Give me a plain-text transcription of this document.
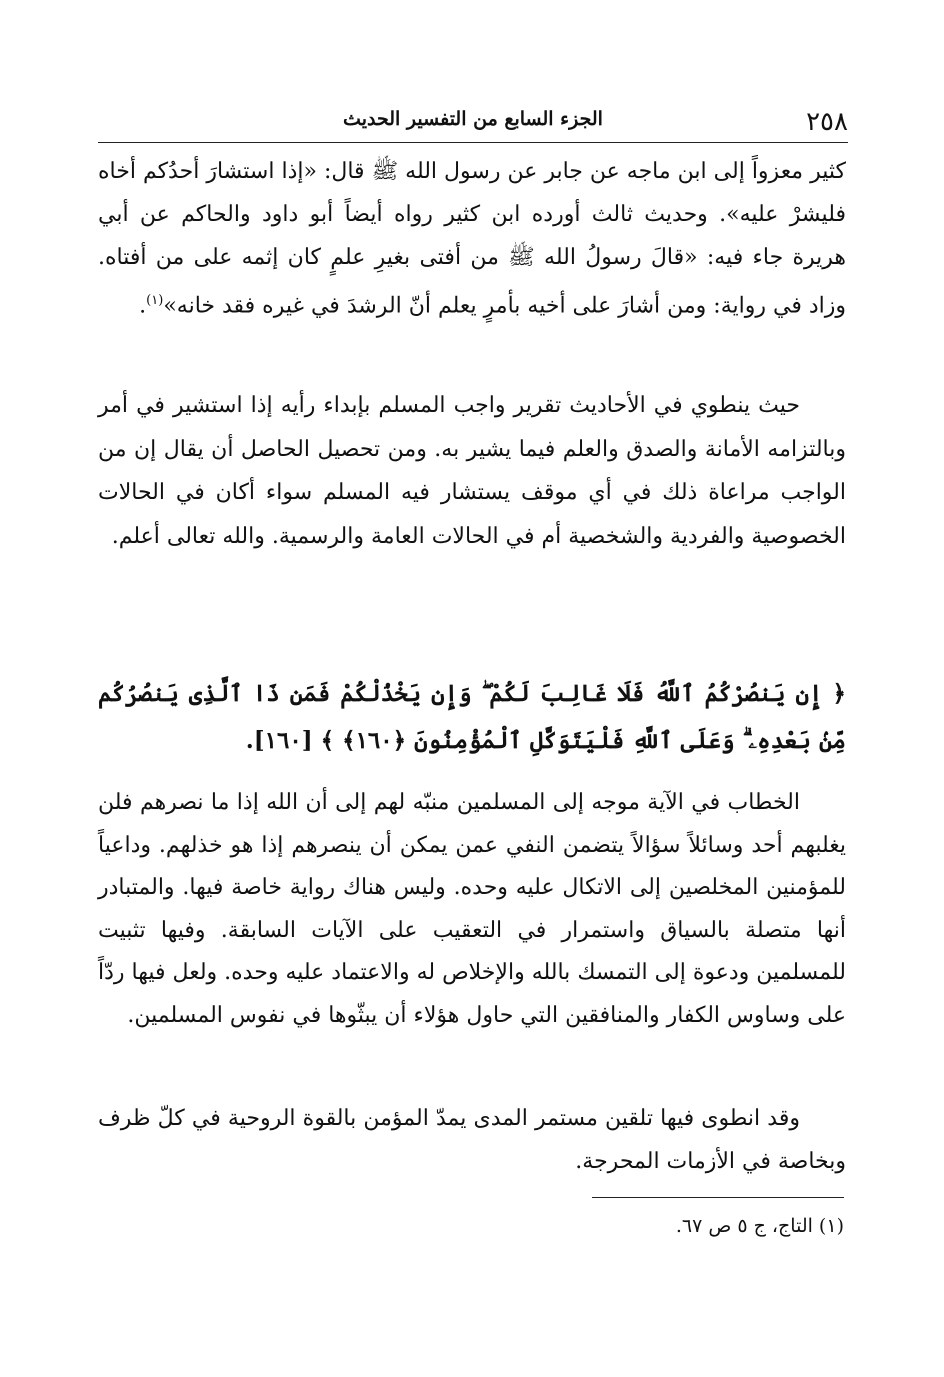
٢٥٨
الجزء السابع من التفسير الحديث

كثير معزواً إلى ابن ماجه عن جابر عن رسول الله ﷺ قال: «إذا استشارَ أحدُكم أخاه فليشرْ عليه». وحديث ثالث أورده ابن كثير رواه أيضاً أبو داود والحاكم عن أبي هريرة جاء فيه: «قالَ رسولُ الله ﷺ من أفتى بغيرِ علمٍ كان إثمه على من أفتاه. وزاد في رواية: ومن أشارَ على أخيه بأمرٍ يعلم أنّ الرشدَ في غيره فقد خانه»$^{(١)}$.

حيث ينطوي في الأحاديث تقرير واجب المسلم بإبداء رأيه إذا استشير في أمر وبالتزامه الأمانة والصدق والعلم فيما يشير به. ومن تحصيل الحاصل أن يقال إن من الواجب مراعاة ذلك في أي موقف يستشار فيه المسلم سواء أكان في الحالات الخصوصية والفردية والشخصية أم في الحالات العامة والرسمية. والله تعالى أعلم.

﴿ إِن يَنصُرْكُمُ ٱللَّهُ فَلَا غَالِبَ لَكُمْ ۖ وَإِن يَخْذُلْكُمْ فَمَن ذَا ٱلَّذِى يَنصُرُكُم مِّنۢ بَعْدِهِۦ ۗ وَعَلَى ٱللَّهِ فَلْيَتَوَكَّلِ ٱلْمُؤْمِنُونَ ﴿١٦٠﴾ ﴾ [١٦٠].

الخطاب في الآية موجه إلى المسلمين منبّه لهم إلى أن الله إذا ما نصرهم فلن يغلبهم أحد وسائلاً سؤالاً يتضمن النفي عمن يمكن أن ينصرهم إذا هو خذلهم. وداعياً للمؤمنين المخلصين إلى الاتكال عليه وحده. وليس هناك رواية خاصة فيها. والمتبادر أنها متصلة بالسياق واستمرار في التعقيب على الآيات السابقة. وفيها تثبيت للمسلمين ودعوة إلى التمسك بالله والإخلاص له والاعتماد عليه وحده. ولعل فيها ردّاً على وساوس الكفار والمنافقين التي حاول هؤلاء أن يبثّوها في نفوس المسلمين.

وقد انطوى فيها تلقين مستمر المدى يمدّ المؤمن بالقوة الروحية في كلّ ظرف وبخاصة في الأزمات المحرجة.

(١) التاج، ج ٥ ص ٦٧.
